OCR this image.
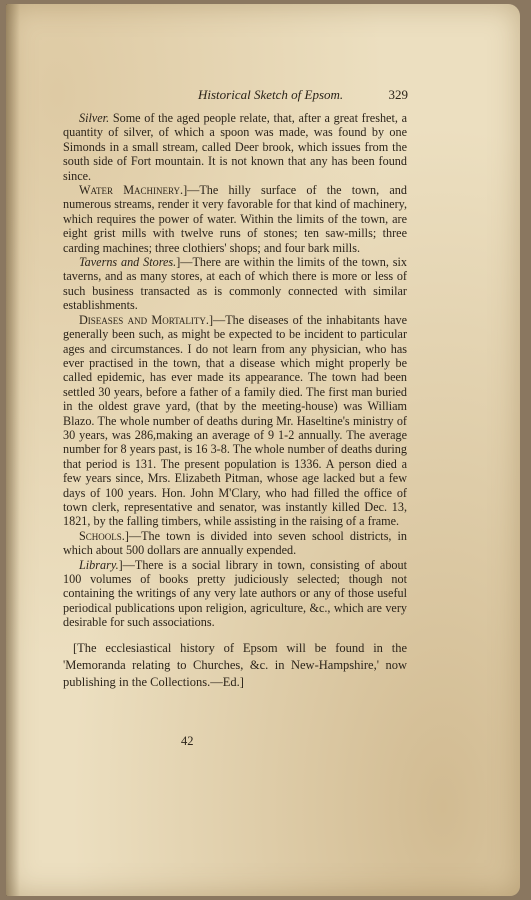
Historical Sketch of Epsom.	329

Silver. Some of the aged people relate, that, after a great freshet, a quantity of silver, of which a spoon was made, was found by one Simonds in a small stream, called Deer brook, which issues from the south side of Fort mountain. It is not known that any has been found since.

Water Machinery.]—The hilly surface of the town, and numerous streams, render it very favorable for that kind of machinery, which requires the power of water. Within the limits of the town, are eight grist mills with twelve runs of stones; ten saw-mills; three carding machines; three clothiers' shops; and four bark mills.

Taverns and Stores.]—There are within the limits of the town, six taverns, and as many stores, at each of which there is more or less of such business transacted as is commonly connected with similar establishments.

Diseases and Mortality.]—The diseases of the inhabitants have generally been such, as might be expected to be incident to particular ages and circumstances. I do not learn from any physician, who has ever practised in the town, that a disease which might properly be called epidemic, has ever made its appearance. The town had been settled 30 years, before a father of a family died. The first man buried in the oldest grave yard, (that by the meeting-house) was William Blazo. The whole number of deaths during Mr. Haseltine's ministry of 30 years, was 286,making an average of 9 1-2 annually. The average number for 8 years past, is 16 3-8. The whole number of deaths during that period is 131. The present population is 1336. A person died a few years since, Mrs. Elizabeth Pitman, whose age lacked but a few days of 100 years. Hon. John M'Clary, who had filled the office of town clerk, representative and senator, was instantly killed Dec. 13, 1821, by the falling timbers, while assisting in the raising of a frame.

Schools.]—The town is divided into seven school districts, in which about 500 dollars are annually expended.

Library.]—There is a social library in town, consisting of about 100 volumes of books pretty judiciously selected; though not containing the writings of any very late authors or any of those useful periodical publications upon religion, agriculture, &c., which are very desirable for such associations.

[The ecclesiastical history of Epsom will be found in the 'Memoranda relating to Churches, &c. in New-Hampshire,' now publishing in the Collections.—Ed.]

42
